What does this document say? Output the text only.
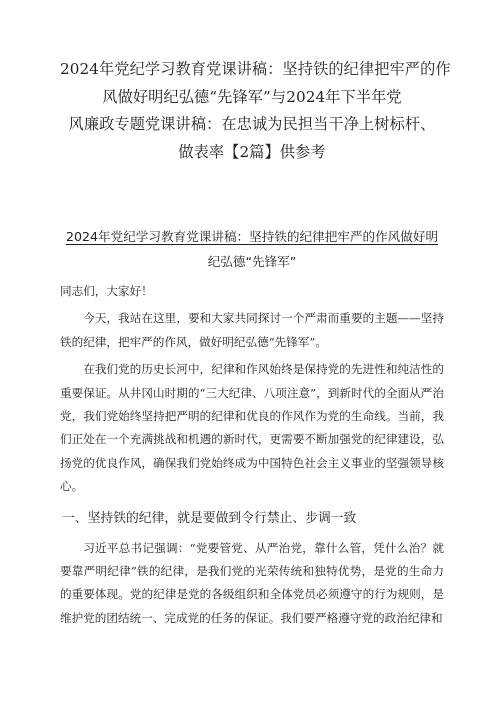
2024年党纪学习教育党课讲稿：坚持铁的纪律把牢严的作
风做好明纪弘德“先锋军”与2024年下半年党
风廉政专题党课讲稿：在忠诚为民担当干净上树标杆、
做表率【2篇】供参考
2024年党纪学习教育党课讲稿：坚持铁的纪律把牢严的作风做好明
纪弘德“先锋军”

同志们，大家好！

今天，我站在这里，要和大家共同探讨一个严肃而重要的主题——坚持铁的纪律，把牢严的作风，做好明纪弘德“先锋军”。

在我们党的历史长河中，纪律和作风始终是保持党的先进性和纯洁性的重要保证。从井冈山时期的“三大纪律、八项注意”，到新时代的全面从严治党，我们党始终坚持把严明的纪律和优良的作风作为党的生命线。当前，我们正处在一个充满挑战和机遇的新时代，更需要不断加强党的纪律建设，弘扬党的优良作风，确保我们党始终成为中国特色社会主义事业的坚强领导核心。

一、坚持铁的纪律，就是要做到令行禁止、步调一致

习近平总书记强调：“党要管党、从严治党，靠什么管，凭什么治？就要靠严明纪律”铁的纪律，是我们党的光荣传统和独特优势，是党的生命力的重要体现。党的纪律是党的各级组织和全体党员必须遵守的行为规则，是维护党的团结统一、完成党的任务的保证。我们要严格遵守党的政治纪律和
